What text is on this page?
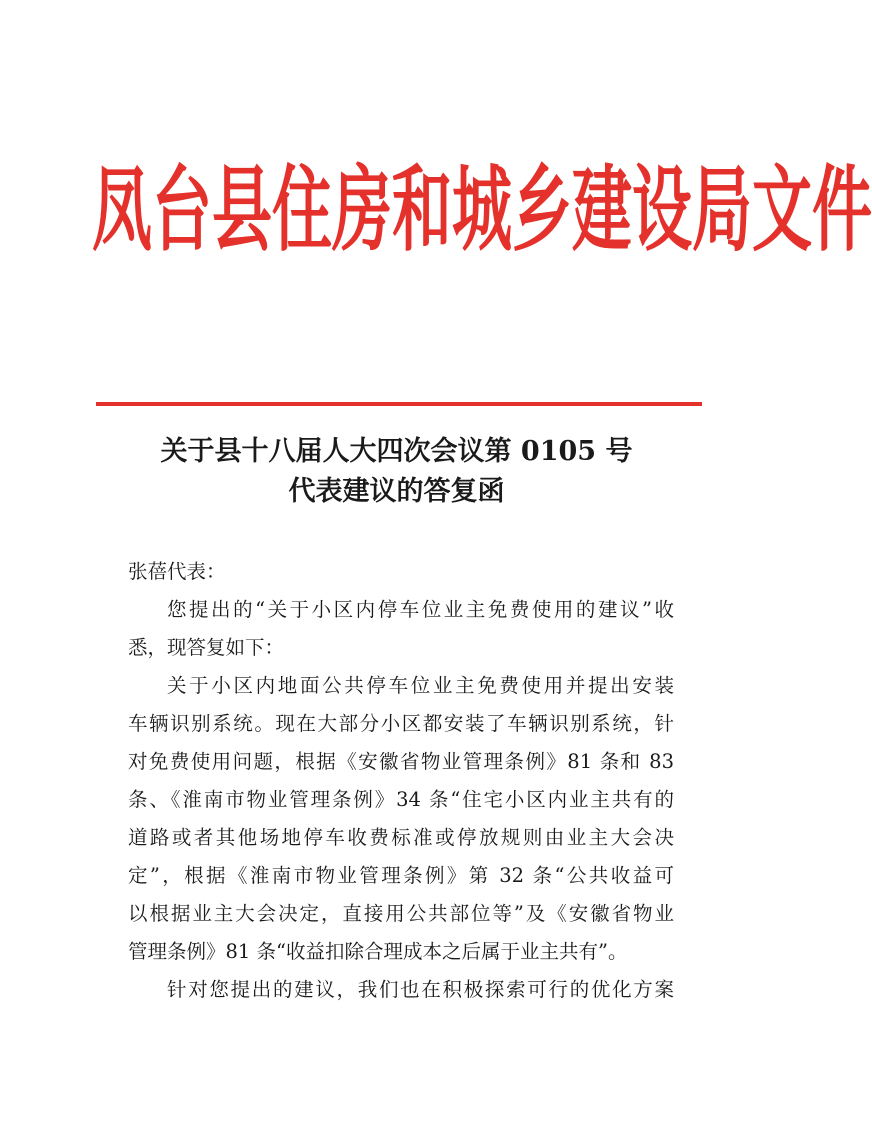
凤 台 县 住 房 和 城 乡 建 设 局 文 件
关于县十八届人大四次会议第 0105 号
代表建议的答复函

张蓓代表：

您提出的“关于小区内停车位业主免费使用的建议”收
悉，现答复如下：

关于小区内地面公共停车位业主免费使用并提出安装
车辆识别系统。现在大部分小区都安装了车辆识别系统，针
对免费使用问题，根据《安徽省物业管理条例》81 条和 83
条、《淮南市物业管理条例》34 条“住宅小区内业主共有的
道路或者其他场地停车收费标准或停放规则由业主大会决
定”，根据《淮南市物业管理条例》第 32 条“公共收益可
以根据业主大会决定，直接用公共部位等”及《安徽省物业
管理条例》81 条“收益扣除合理成本之后属于业主共有”。

针对您提出的建议，我们也在积极探索可行的优化方案
